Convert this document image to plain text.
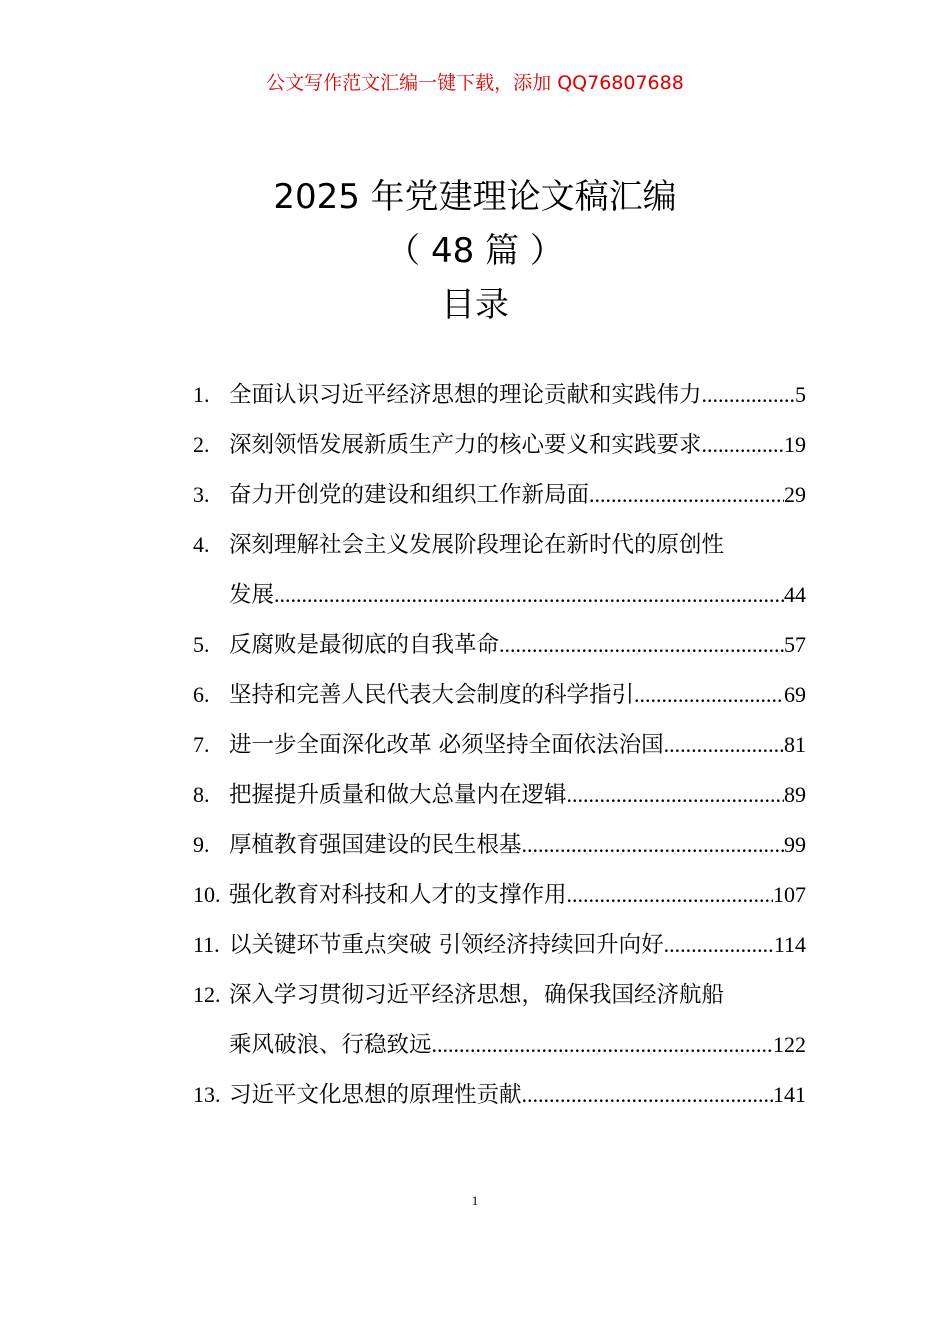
公文写作范文汇编一键下载，添加 QQ76807688
2025 年党建理论文稿汇编
（ 48 篇 ）
目录
1. 全面认识习近平经济思想的理论贡献和实践伟力 .....	5
2. 深刻领悟发展新质生产力的核心要义和实践要求 .....	19
3. 奋力开创党的建设和组织工作新局面 .....	29
4. 深刻理解社会主义发展阶段理论在新时代的原创性
发展 .....	44
5. 反腐败是最彻底的自我革命 .....	57
6. 坚持和完善人民代表大会制度的科学指引 .....	69
7. 进一步全面深化改革 必须坚持全面依法治国 .....	81
8. 把握提升质量和做大总量内在逻辑 .....	89
9. 厚植教育强国建设的民生根基 .....	99
10. 强化教育对科技和人才的支撑作用 .....	107
11. 以关键环节重点突破 引领经济持续回升向好 .....	114
12. 深入学习贯彻习近平经济思想，确保我国经济航船
乘风破浪、行稳致远 .....	122
13. 习近平文化思想的原理性贡献 .....	141
1
